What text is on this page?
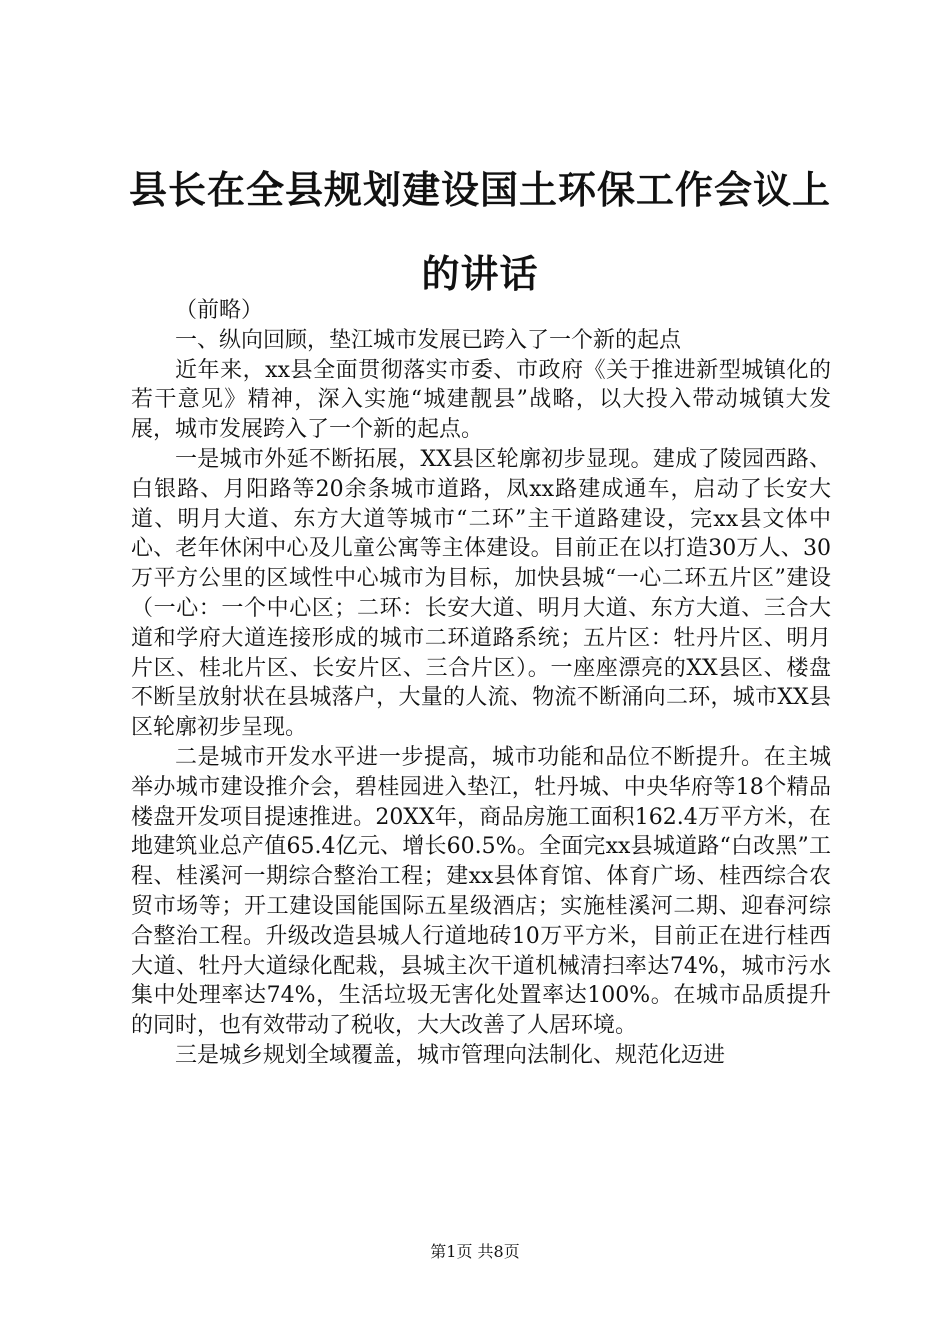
县长在全县规划建设国土环保工作会议上的讲话

（前略）

一、纵向回顾，垫江城市发展已跨入了一个新的起点

近年来，xx县全面贯彻落实市委、市政府《关于推进新型城镇化的若干意见》精神，深入实施“城建靓县”战略，以大投入带动城镇大发展，城市发展跨入了一个新的起点。

一是城市外延不断拓展，XX县区轮廓初步显现。建成了陵园西路、白银路、月阳路等20余条城市道路，凤xx路建成通车，启动了长安大道、明月大道、东方大道等城市“二环”主干道路建设，完xx县文体中心、老年休闲中心及儿童公寓等主体建设。目前正在以打造30万人、30万平方公里的区域性中心城市为目标，加快县城“一心二环五片区”建设（一心：一个中心区；二环：长安大道、明月大道、东方大道、三合大道和学府大道连接形成的城市二环道路系统；五片区：牡丹片区、明月片区、桂北片区、长安片区、三合片区）。一座座漂亮的XX县区、楼盘不断呈放射状在县城落户，大量的人流、物流不断涌向二环，城市XX县区轮廓初步呈现。

二是城市开发水平进一步提高，城市功能和品位不断提升。在主城举办城市建设推介会，碧桂园进入垫江，牡丹城、中央华府等18个精品楼盘开发项目提速推进。20XX年，商品房施工面积162.4万平方米，在地建筑业总产值65.4亿元、增长60.5%。全面完xx县城道路“白改黑”工程、桂溪河一期综合整治工程；建xx县体育馆、体育广场、桂西综合农贸市场等；开工建设国能国际五星级酒店；实施桂溪河二期、迎春河综合整治工程。升级改造县城人行道地砖10万平方米，目前正在进行桂西大道、牡丹大道绿化配栽，县城主次干道机械清扫率达74%，城市污水集中处理率达74%，生活垃圾无害化处置率达100%。在城市品质提升的同时，也有效带动了税收，大大改善了人居环境。

三是城乡规划全域覆盖，城市管理向法制化、规范化迈进

第1页 共8页
